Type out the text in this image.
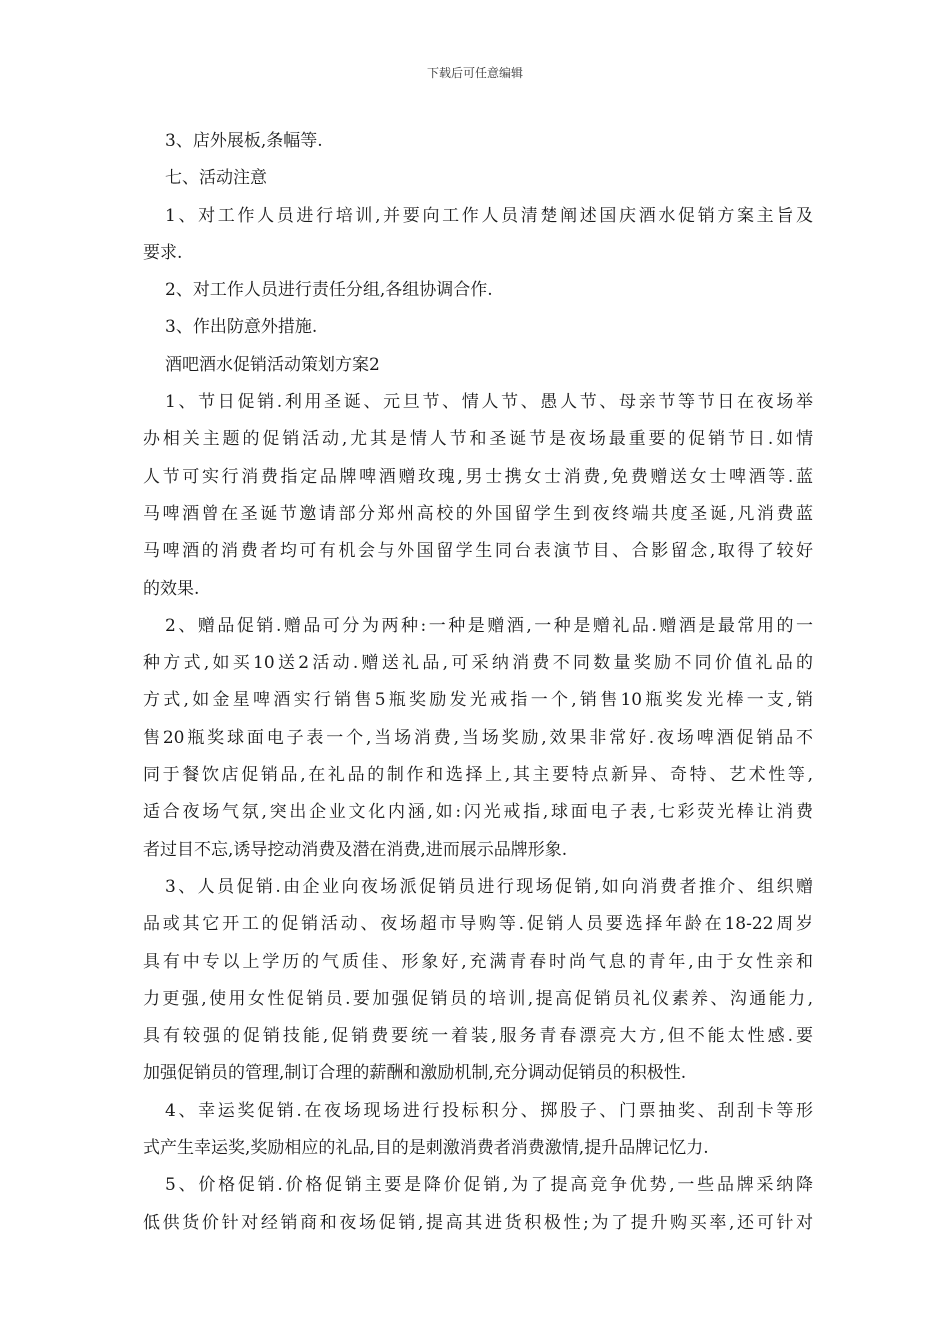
下载后可任意编辑
3、店外展板,条幅等.
七、活动注意
1、对工作人员进行培训,并要向工作人员清楚阐述国庆酒水促销方案主旨及
要求.
2、对工作人员进行责任分组,各组协调合作.
3、作出防意外措施.
酒吧酒水促销活动策划方案2
1、节日促销.利用圣诞、元旦节、情人节、愚人节、母亲节等节日在夜场举
办相关主题的促销活动,尤其是情人节和圣诞节是夜场最重要的促销节日.如情
人节可实行消费指定品牌啤酒赠玫瑰,男士携女士消费,免费赠送女士啤酒等.蓝
马啤酒曾在圣诞节邀请部分郑州高校的外国留学生到夜终端共度圣诞,凡消费蓝
马啤酒的消费者均可有机会与外国留学生同台表演节目、合影留念,取得了较好
的效果.
2、赠品促销.赠品可分为两种:一种是赠酒,一种是赠礼品.赠酒是最常用的一
种方式,如买10送2活动.赠送礼品,可采纳消费不同数量奖励不同价值礼品的
方式,如金星啤酒实行销售5瓶奖励发光戒指一个,销售10瓶奖发光棒一支,销
售20瓶奖球面电子表一个,当场消费,当场奖励,效果非常好.夜场啤酒促销品不
同于餐饮店促销品,在礼品的制作和选择上,其主要特点新异、奇特、艺术性等,
适合夜场气氛,突出企业文化内涵,如:闪光戒指,球面电子表,七彩荧光棒让消费
者过目不忘,诱导挖动消费及潜在消费,进而展示品牌形象.
3、人员促销.由企业向夜场派促销员进行现场促销,如向消费者推介、组织赠
品或其它开工的促销活动、夜场超市导购等.促销人员要选择年龄在18-22周岁
具有中专以上学历的气质佳、形象好,充满青春时尚气息的青年,由于女性亲和
力更强,使用女性促销员.要加强促销员的培训,提高促销员礼仪素养、沟通能力,
具有较强的促销技能,促销费要统一着装,服务青春漂亮大方,但不能太性感.要
加强促销员的管理,制订合理的薪酬和激励机制,充分调动促销员的积极性.
4、幸运奖促销.在夜场现场进行投标积分、掷股子、门票抽奖、刮刮卡等形
式产生幸运奖,奖励相应的礼品,目的是刺激消费者消费激情,提升品牌记忆力.
5、价格促销.价格促销主要是降价促销,为了提高竞争优势,一些品牌采纳降
低供货价针对经销商和夜场促销,提高其进货积极性;为了提升购买率,还可针对
